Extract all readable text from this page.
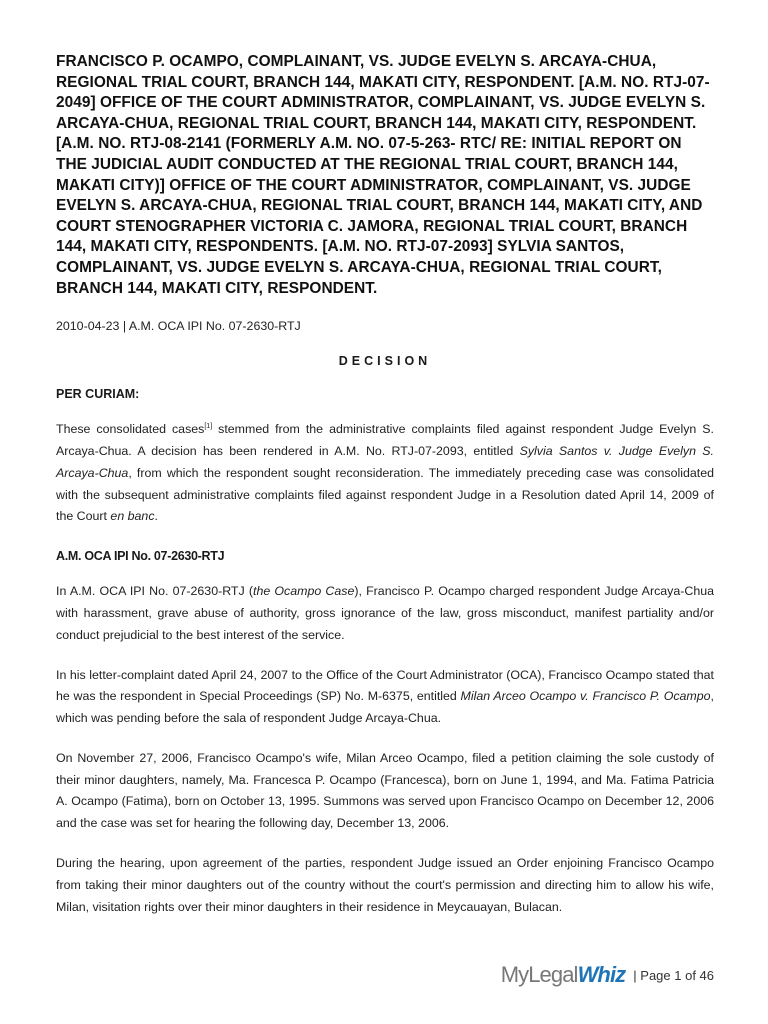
FRANCISCO P. OCAMPO, COMPLAINANT, VS. JUDGE EVELYN S. ARCAYA-CHUA, REGIONAL TRIAL COURT, BRANCH 144, MAKATI CITY, RESPONDENT. [A.M. NO. RTJ-07-2049] OFFICE OF THE COURT ADMINISTRATOR, COMPLAINANT, VS. JUDGE EVELYN S. ARCAYA-CHUA, REGIONAL TRIAL COURT, BRANCH 144, MAKATI CITY, RESPONDENT. [A.M. NO. RTJ-08-2141 (FORMERLY A.M. NO. 07-5-263- RTC/ RE: INITIAL REPORT ON THE JUDICIAL AUDIT CONDUCTED AT THE REGIONAL TRIAL COURT, BRANCH 144, MAKATI CITY)] OFFICE OF THE COURT ADMINISTRATOR, COMPLAINANT, VS. JUDGE EVELYN S. ARCAYA-CHUA, REGIONAL TRIAL COURT, BRANCH 144, MAKATI CITY, AND COURT STENOGRAPHER VICTORIA C. JAMORA, REGIONAL TRIAL COURT, BRANCH 144, MAKATI CITY, RESPONDENTS. [A.M. NO. RTJ-07-2093] SYLVIA SANTOS, COMPLAINANT, VS. JUDGE EVELYN S. ARCAYA-CHUA, REGIONAL TRIAL COURT, BRANCH 144, MAKATI CITY, RESPONDENT.
2010-04-23 | A.M. OCA IPI No. 07-2630-RTJ
DECISION
PER CURIAM:

These consolidated cases[1] stemmed from the administrative complaints filed against respondent Judge Evelyn S. Arcaya-Chua. A decision has been rendered in A.M. No. RTJ-07-2093, entitled Sylvia Santos v. Judge Evelyn S. Arcaya-Chua, from which the respondent sought reconsideration. The immediately preceding case was consolidated with the subsequent administrative complaints filed against respondent Judge in a Resolution dated April 14, 2009 of the Court en banc.

A.M. OCA IPI No. 07-2630-RTJ

In A.M. OCA IPI No. 07-2630-RTJ (the Ocampo Case), Francisco P. Ocampo charged respondent Judge Arcaya-Chua with harassment, grave abuse of authority, gross ignorance of the law, gross misconduct, manifest partiality and/or conduct prejudicial to the best interest of the service.

In his letter-complaint dated April 24, 2007 to the Office of the Court Administrator (OCA), Francisco Ocampo stated that he was the respondent in Special Proceedings (SP) No. M-6375, entitled Milan Arceo Ocampo v. Francisco P. Ocampo, which was pending before the sala of respondent Judge Arcaya-Chua.

On November 27, 2006, Francisco Ocampo's wife, Milan Arceo Ocampo, filed a petition claiming the sole custody of their minor daughters, namely, Ma. Francesca P. Ocampo (Francesca), born on June 1, 1994, and Ma. Fatima Patricia A. Ocampo (Fatima), born on October 13, 1995. Summons was served upon Francisco Ocampo on December 12, 2006 and the case was set for hearing the following day, December 13, 2006.

During the hearing, upon agreement of the parties, respondent Judge issued an Order enjoining Francisco Ocampo from taking their minor daughters out of the country without the court's permission and directing him to allow his wife, Milan, visitation rights over their minor daughters in their residence in Meycauayan, Bulacan.

My Legal Whiz | Page 1 of 46
